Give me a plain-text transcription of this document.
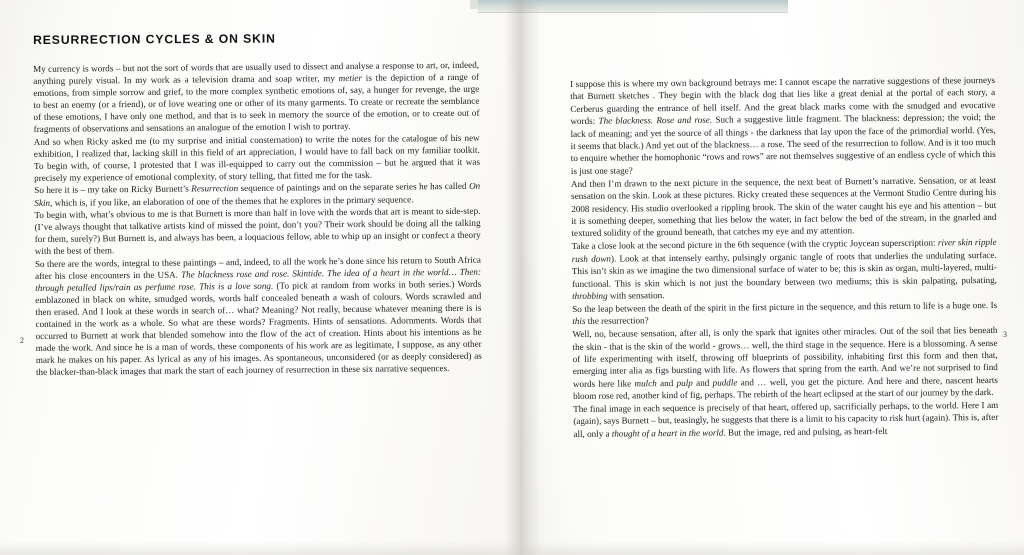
RESURRECTION CYCLES & ON SKIN

My currency is words – but not the sort of words that are usually used to dissect and analyse a response to art, or, indeed, anything purely visual. In my work as a television drama and soap writer, my metier is the depiction of a range of emotions, from simple sorrow and grief, to the more complex synthetic emotions of, say, a hunger for revenge, the urge to best an enemy (or a friend), or of love wearing one or other of its many garments. To create or recreate the semblance of these emotions, I have only one method, and that is to seek in memory the source of the emotion, or to create out of fragments of observations and sensations an analogue of the emotion I wish to portray.

And so when Ricky asked me (to my surprise and initial consternation) to write the notes for the catalogue of his new exhibition, I realized that, lacking skill in this field of art appreciation, I would have to fall back on my familiar toolkit. To begin with, of course, I protested that I was ill-equipped to carry out the commission – but he argued that it was precisely my experience of emotional complexity, of story telling, that fitted me for the task.

So here it is – my take on Ricky Burnett’s Resurrection sequence of paintings and on the separate series he has called On Skin, which is, if you like, an elaboration of one of the themes that he explores in the primary sequence.

To begin with, what’s obvious to me is that Burnett is more than half in love with the words that art is meant to side-step. (I’ve always thought that talkative artists kind of missed the point, don’t you? Their work should be doing all the talking for them, surely?) But Burnett is, and always has been, a loquacious fellow, able to whip up an insight or confect a theory with the best of them.

So there are the words, integral to these paintings – and, indeed, to all the work he’s done since his return to South Africa after his close encounters in the USA. The blackness rose and rose. Skintide. The idea of a heart in the world… Then: through petalled lips/rain as perfume rose. This is a love song. (To pick at random from works in both series.) Words emblazoned in black on white, smudged words, words half concealed beneath a wash of colours. Words scrawled and then erased. And I look at these words in search of… what? Meaning? Not really, because whatever meaning there is is contained in the work as a whole. So what are these words? Fragments. Hints of sensations. Adornments. Words that occurred to Burnett at work that blended somehow into the flow of the act of creation. Hints about his intentions as he made the work. And since he is a man of words, these components of his work are as legitimate, I suppose, as any other mark he makes on his paper. As lyrical as any of his images. As spontaneous, unconsidered (or as deeply considered) as the blacker-than-black images that mark the start of each journey of resurrection in these six narrative sequences.

I suppose this is where my own background betrays me: I cannot escape the narrative suggestions of these journeys that Burnett sketches . They begin with the black dog that lies like a great denial at the portal of each story, a Cerberus guarding the entrance of hell itself. And the great black marks come with the smudged and evocative words: The blackness. Rose and rose. Such a suggestive little fragment. The blackness: depression; the void; the lack of meaning; and yet the source of all things - the darkness that lay upon the face of the primordial world. (Yes, it seems that black.) And yet out of the blackness… a rose. The seed of the resurrection to follow. And is it too much to enquire whether the homophonic “rows and rows” are not themselves suggestive of an endless cycle of which this is just one stage?

And then I’m drawn to the next picture in the sequence, the next beat of Burnett’s narrative. Sensation, or at least sensation on the skin. Look at these pictures. Ricky created these sequences at the Vermont Studio Centre during his 2008 residency. His studio overlooked a rippling brook. The skin of the water caught his eye and his attention – but it is something deeper, something that lies below the water, in fact below the bed of the stream, in the gnarled and textured solidity of the ground beneath, that catches my eye and my attention.

Take a close look at the second picture in the 6th sequence (with the cryptic Joycean superscription: river skin ripple rush down). Look at that intensely earthy, pulsingly organic tangle of roots that underlies the undulating surface. This isn’t skin as we imagine the two dimensional surface of water to be; this is skin as organ, multi-layered, multi-functional. This is skin which is not just the boundary between two mediums; this is skin palpating, pulsating, throbbing with sensation.

So the leap between the death of the spirit in the first picture in the sequence, and this return to life is a huge one. Is this the resurrection?

Well, no, because sensation, after all, is only the spark that ignites other miracles. Out of the soil that lies beneath the skin - that is the skin of the world - grows… well, the third stage in the sequence. Here is a blossoming. A sense of life experimenting with itself, throwing off blueprints of possibility, inhabiting first this form and then that, emerging inter alia as figs bursting with life. As flowers that spring from the earth. And we’re not surprised to find words here like mulch and pulp and puddle and … well, you get the picture. And here and there, nascent hearts bloom rose red, another kind of fig, perhaps. The rebirth of the heart eclipsed at the start of our journey by the dark.

The final image in each sequence is precisely of that heart, offered up, sacrificially perhaps, to the world. Here I am (again), says Burnett – but, teasingly, he suggests that there is a limit to his capacity to risk hurt (again). This is, after all, only a thought of a heart in the world. But the image, red and pulsing, as heart-felt

2
3
